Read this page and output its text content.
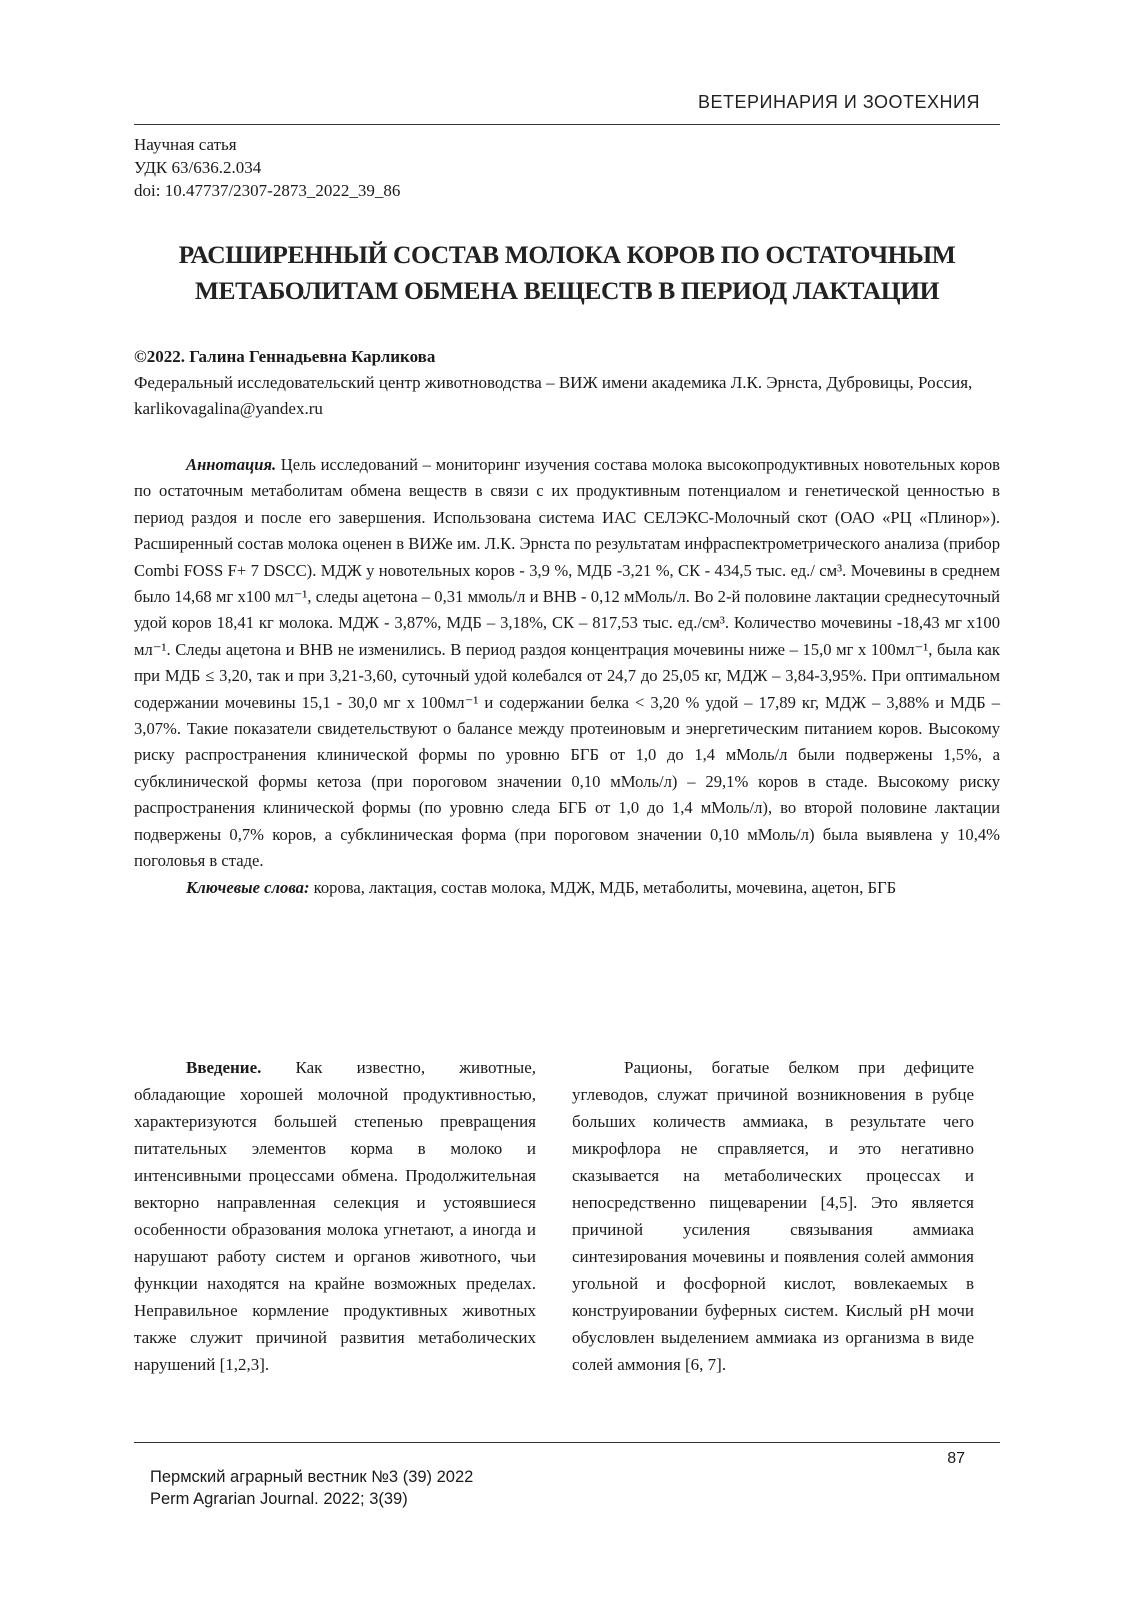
ВЕТЕРИНАРИЯ И ЗООТЕХНИЯ
Научная сатья
УДК 63/636.2.034
doi: 10.47737/2307-2873_2022_39_86
РАСШИРЕННЫЙ СОСТАВ МОЛОКА КОРОВ ПО ОСТАТОЧНЫМ
МЕТАБОЛИТАМ ОБМЕНА ВЕЩЕСТВ В ПЕРИОД ЛАКТАЦИИ
©2022. Галина Геннадьевна Карликова
Федеральный исследовательский центр животноводства – ВИЖ имени академика Л.К. Эрнста, Дубровицы, Россия, karlikovagalina@yandex.ru

Аннотация. Цель исследований – мониторинг изучения состава молока высокопродуктивных новотельных коров по остаточным метаболитам обмена веществ в связи с их продуктивным потенциалом и генетической ценностью в период раздоя и после его завершения. Использована система ИАС СЕЛЭКС-Молочный скот (ОАО «РЦ «Плинор»). Расширенный состав молока оценен в ВИЖе им. Л.К. Эрнста по результатам инфраспектрометрического анализа (прибор Combi FOSS F+ 7 DSCC). МДЖ у новотельных коров - 3,9 %, МДБ -3,21 %, СК - 434,5 тыс. ед./ см³. Мочевины в среднем было 14,68 мг х100 мл⁻¹, следы ацетона – 0,31 ммоль/л и ВНВ - 0,12 мМоль/л. Во 2-й половине лактации среднесуточный удой коров 18,41 кг молока. МДЖ - 3,87%, МДБ – 3,18%, СК – 817,53 тыс. ед./см³. Количество мочевины -18,43 мг х100 мл⁻¹. Следы ацетона и ВНВ не изменились. В период раздоя концентрация мочевины ниже – 15,0 мг х 100мл⁻¹, была как при МДБ ≤ 3,20, так и при 3,21-3,60, суточный удой колебался от 24,7 до 25,05 кг, МДЖ – 3,84-3,95%. При оптимальном содержании мочевины 15,1 - 30,0 мг х 100мл⁻¹ и содержании белка < 3,20 % удой – 17,89 кг, МДЖ – 3,88% и МДБ – 3,07%. Такие показатели свидетельствуют о балансе между протеиновым и энергетическим питанием коров. Высокому риску распространения клинической формы по уровню БГБ от 1,0 до 1,4 мМоль/л были подвержены 1,5%, а субклинической формы кетоза (при пороговом значении 0,10 мМоль/л) – 29,1% коров в стаде. Высокому риску распространения клинической формы (по уровню следа БГБ от 1,0 до 1,4 мМоль/л), во второй половине лактации подвержены 0,7% коров, а субклиническая форма (при пороговом значении 0,10 мМоль/л) была выявлена у 10,4% поголовья в стаде.

Ключевые слова: корова, лактация, состав молока, МДЖ, МДБ, метаболиты, мочевина, ацетон, БГБ

Введение. Как известно, животные, обладающие хорошей молочной продуктивностью, характеризуются большей степенью превращения питательных элементов корма в молоко и интенсивными процессами обмена. Продолжительная векторно направленная селекция и устоявшиеся особенности образования молока угнетают, а иногда и нарушают работу систем и органов животного, чьи функции находятся на крайне возможных пределах. Неправильное кормление продуктивных животных также служит причиной развития метаболических нарушений [1,2,3].

Рационы, богатые белком при дефиците углеводов, служат причиной возникновения в рубце больших количеств аммиака, в результате чего микрофлора не справляется, и это негативно сказывается на метаболических процессах и непосредственно пищеварении [4,5]. Это является причиной усиления связывания аммиака синтезирования мочевины и появления солей аммония угольной и фосфорной кислот, вовлекаемых в конструировании буферных систем. Кислый pH мочи обусловлен выделением аммиака из организма в виде солей аммония [6, 7].

87
Пермский аграрный вестник №3 (39) 2022
Perm Agrarian Journal. 2022; 3(39)
